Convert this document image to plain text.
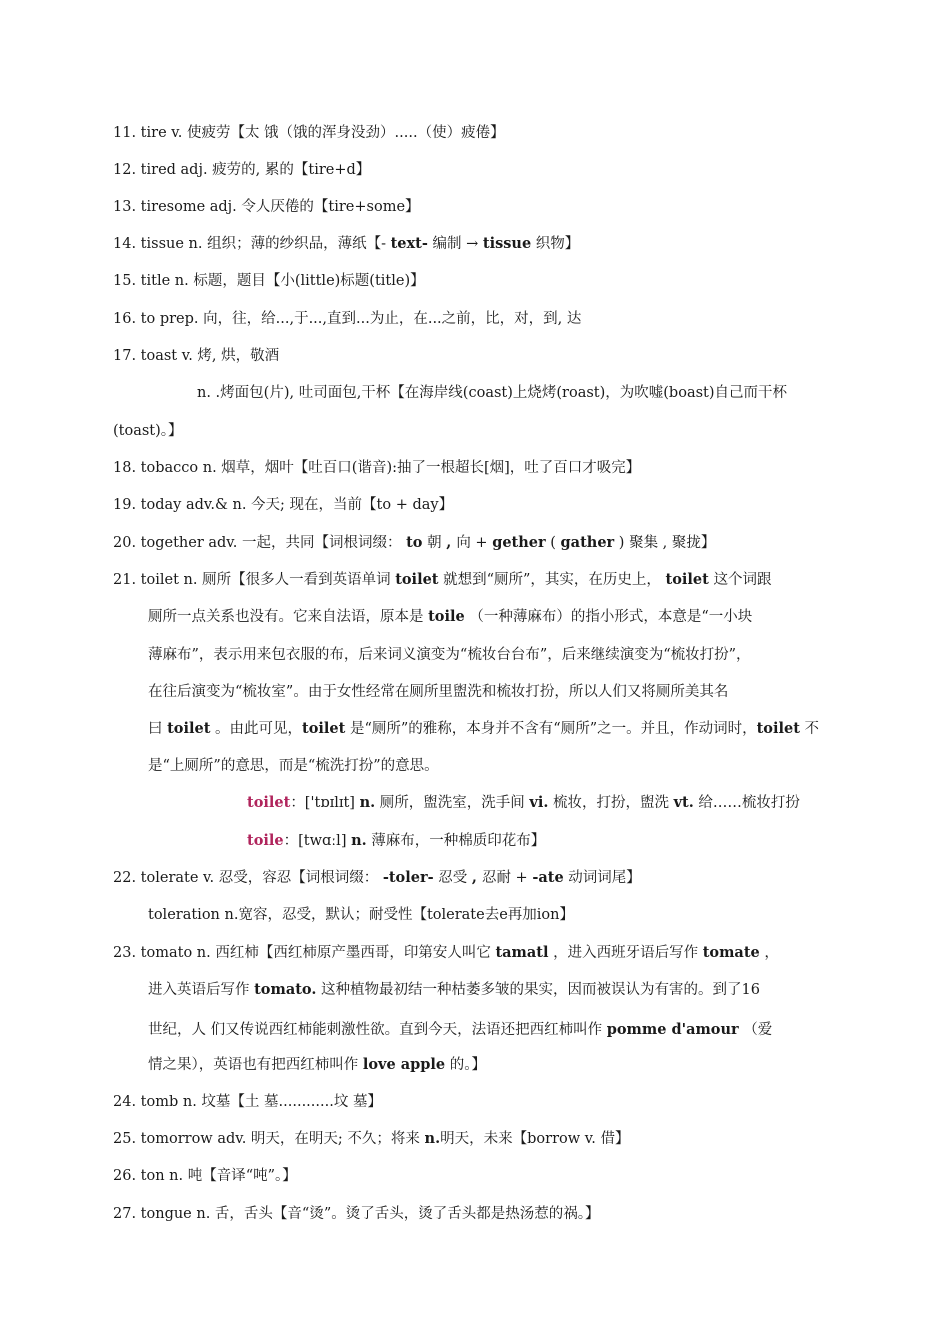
11. tire v. 使疲劳【太 饿（饿的浑身没劲）.....（使）疲倦】
12. tired adj. 疲劳的, 累的【tire+d】
13. tiresome adj. 令人厌倦的【tire+some】
14. tissue n. 组织；薄的纱织品，薄纸【- text- 编制 → tissue 织物】
15. title n. 标题，题目【小(little)标题(title)】
16. to prep. 向，往，给...,于...,直到...为止，在...之前，比，对，到, 达
17. toast v. 烤, 烘，敬酒
n. .烤面包(片), 吐司面包,干杯【在海岸线(coast)上烧烤(roast)，为吹嘘(boast)自己而干杯
(toast)。】
18. tobacco n. 烟草，烟叶【吐百口(谐音):抽了一根超长[烟]，吐了百口才吸完】
19. today adv.& n. 今天; 现在，当前【to + day】
20. together adv. 一起，共同【词根词缀： to 朝 , 向 + gether ( gather ) 聚集 , 聚拢】
21. toilet n. 厕所【很多人一看到英语单词 toilet 就想到“厕所”，其实，在历史上， toilet 这个词跟
厕所一点关系也没有。它来自法语，原本是 toile （一种薄麻布）的指小形式，本意是“一小块
薄麻布”，表示用来包衣服的布，后来词义演变为“梳妆台台布”，后来继续演变为“梳妆打扮”，
在往后演变为“梳妆室”。由于女性经常在厕所里盥洗和梳妆打扮，所以人们又将厕所美其名
曰 toilet 。由此可见，toilet 是“厕所”的雅称，本身并不含有“厕所”之一。并且，作动词时，toilet 不
是“上厕所”的意思，而是“梳洗打扮”的意思。
toilet：['tɒɪlɪt] n. 厕所，盥洗室，洗手间 vi. 梳妆，打扮，盥洗 vt. 给……梳妆打扮
toile：[twɑːl] n. 薄麻布，一种棉质印花布】
22. tolerate v. 忍受，容忍【词根词缀： -toler- 忍受 , 忍耐 + -ate 动词词尾】
toleration n.宽容，忍受，默认；耐受性【tolerate去e再加ion】
23. tomato n. 西红柿【西红柿原产墨西哥，印第安人叫它 tamatl ，进入西班牙语后写作 tomate ，
进入英语后写作 tomato. 这种植物最初结一种枯萎多皱的果实，因而被误认为有害的。到了16
世纪，人 们又传说西红柿能刺激性欲。直到今天，法语还把西红柿叫作 pomme d'amour （爱
情之果），英语也有把西红柿叫作 love apple 的。】
24. tomb n. 坟墓【土 墓............坟 墓】
25. tomorrow adv. 明天，在明天; 不久；将来 n.明天，未来【borrow v. 借】
26. ton n. 吨【音译“吨”。】
27. tongue n. 舌，舌头【音“烫”。烫了舌头，烫了舌头都是热汤惹的祸。】
